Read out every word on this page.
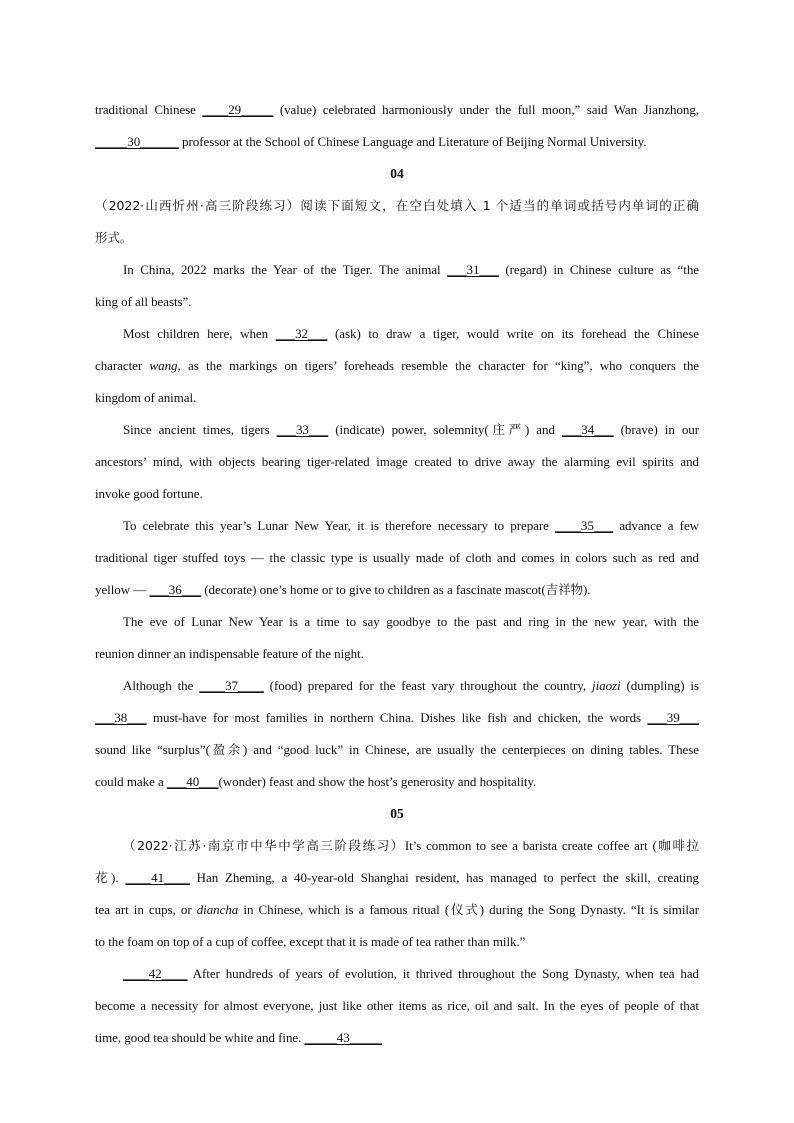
traditional Chinese ____29_____ (value) celebrated harmoniously under the full moon,” said Wan Jianzhong,
_____30______ professor at the School of Chinese Language and Literature of Beijing Normal University.
04
（2022·山西忻州·高三阶段练习）阅读下面短文，在空白处填入 1 个适当的单词或括号内单词的正确
形式。
In China, 2022 marks the Year of the Tiger. The animal ___31___ (regard) in Chinese culture as “the
king of all beasts”.
Most children here, when ___32___ (ask) to draw a tiger, would write on its forehead the Chinese
character wang, as the markings on tigers’ foreheads resemble the character for “king”, who conquers the
kingdom of animal.
Since ancient times, tigers ___33___ (indicate) power, solemnity(庄严) and ___34___ (brave) in our
ancestors’ mind, with objects bearing tiger-related image created to drive away the alarming evil spirits and
invoke good fortune.
To celebrate this year’s Lunar New Year, it is therefore necessary to prepare ____35___ advance a few
traditional tiger stuffed toys — the classic type is usually made of cloth and comes in colors such as red and
yellow — ___36___ (decorate) one’s home or to give to children as a fascinate mascot(吉祥物).
The eve of Lunar New Year is a time to say goodbye to the past and ring in the new year, with the
reunion dinner an indispensable feature of the night.
Although the ____37____ (food) prepared for the feast vary throughout the country, jiaozi (dumpling) is
___38___ must-have for most families in northern China. Dishes like fish and chicken, the words ___39___
sound like “surplus”(盈余) and “good luck” in Chinese, are usually the centerpieces on dining tables. These
could make a ___40___(wonder) feast and show the host’s generosity and hospitality.
05
（2022·江苏·南京市中华中学高三阶段练习）It’s common to see a barista create coffee art (咖啡拉
花). ____41____ Han Zheming, a 40-year-old Shanghai resident, has managed to perfect the skill, creating
tea art in cups, or diancha in Chinese, which is a famous ritual (仪式) during the Song Dynasty. “It is similar
to the foam on top of a cup of coffee, except that it is made of tea rather than milk.”
____42____ After hundreds of years of evolution, it thrived throughout the Song Dynasty, when tea had
become a necessity for almost everyone, just like other items as rice, oil and salt. In the eyes of people of that
time, good tea should be white and fine. _____43_____
